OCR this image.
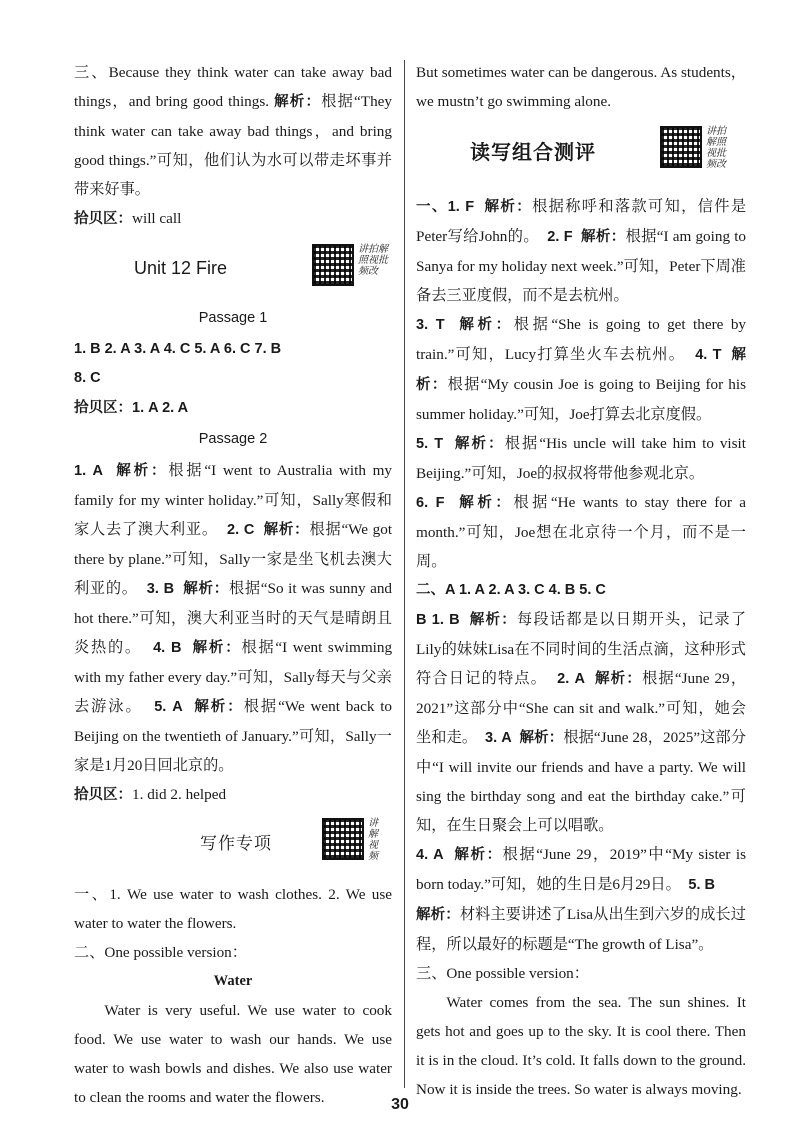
三、Because they think water can take away bad things，and bring good things. 解析：根据“They think water can take away bad things，and bring good things.”可知，他们认为水可以带走坏事并带来好事。

拾贝区：will call

Unit 12 Fire
讲拍解照视批频改
Passage 1

1. B 2. A 3. A 4. C 5. A 6. C 7. B

8. C

拾贝区：1. A 2. A

Passage 2

1. A 解析：根据“I went to Australia with my family for my winter holiday.”可知，Sally寒假和家人去了澳大利亚。 2. C 解析：根据“We got there by plane.”可知，Sally一家是坐飞机去澳大利亚的。 3. B 解析：根据“So it was sunny and hot there.”可知，澳大利亚当时的天气是晴朗且炎热的。 4. B 解析：根据“I went swimming with my father every day.”可知，Sally每天与父亲去游泳。 5. A 解析：根据“We went back to Beijing on the twentieth of January.”可知，Sally一家是1月20日回北京的。

拾贝区：1. did 2. helped

写作专项
讲解视频

一、1. We use water to wash clothes. 2. We use water to water the flowers.

二、One possible version：

Water

Water is very useful. We use water to cook food. We use water to wash our hands. We use water to wash bowls and dishes. We also use water to clean the rooms and water the flowers.

But sometimes water can be dangerous. As students，we mustn’t go swimming alone.

读写组合测评
讲拍解照视批频改

一、1. F 解析：根据称呼和落款可知，信件是Peter写给John的。 2. F 解析：根据“I am going to Sanya for my holiday next week.”可知，Peter下周准备去三亚度假，而不是去杭州。

3. T 解析：根据“She is going to get there by train.”可知，Lucy打算坐火车去杭州。 4. T 解析：根据“My cousin Joe is going to Beijing for his summer holiday.”可知，Joe打算去北京度假。

5. T 解析：根据“His uncle will take him to visit Beijing.”可知，Joe的叔叔将带他参观北京。

6. F 解析：根据“He wants to stay there for a month.”可知，Joe想在北京待一个月，而不是一周。

二、A 1. A 2. A 3. C 4. B 5. C

B 1. B 解析：每段话都是以日期开头，记录了Lily的妹妹Lisa在不同时间的生活点滴，这种形式符合日记的特点。 2. A 解析：根据“June 29，2021”这部分中“She can sit and walk.”可知，她会坐和走。 3. A 解析：根据“June 28，2025”这部分中“I will invite our friends and have a party. We will sing the birthday song and eat the birthday cake.”可知，在生日聚会上可以唱歌。

4. A 解析：根据“June 29，2019”中“My sister is born today.”可知，她的生日是6月29日。 5. B
解析：材料主要讲述了Lisa从出生到六岁的成长过程，所以最好的标题是“The growth of Lisa”。

三、One possible version：

Water comes from the sea. The sun shines. It gets hot and goes up to the sky. It is cool there. Then it is in the cloud. It’s cold. It falls down to the ground. Now it is inside the trees. So water is always moving.

30
